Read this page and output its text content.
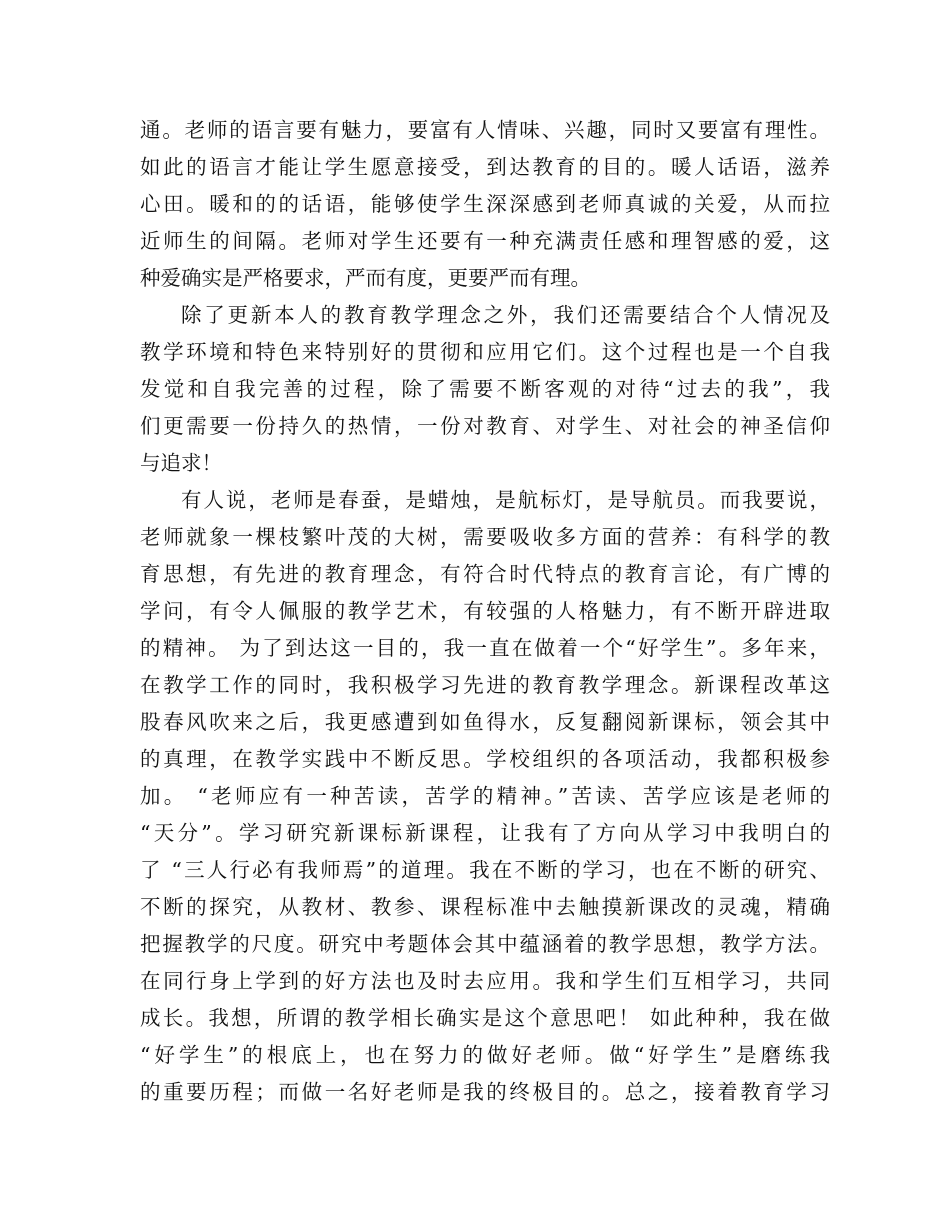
通。老师的语言要有魅力，要富有人情味、兴趣，同时又要富有理性。
如此的语言才能让学生愿意接受，到达教育的目的。暖人话语，滋养
心田。暖和的的话语，能够使学生深深感到老师真诚的关爱，从而拉
近师生的间隔。老师对学生还要有一种充满责任感和理智感的爱，这
种爱确实是严格要求，严而有度，更要严而有理。
除了更新本人的教育教学理念之外，我们还需要结合个人情况及
教学环境和特色来特别好的贯彻和应用它们。这个过程也是一个自我
发觉和自我完善的过程，除了需要不断客观的对待“过去的我”，我
们更需要一份持久的热情，一份对教育、对学生、对社会的神圣信仰
与追求！
有人说，老师是春蚕，是蜡烛，是航标灯，是导航员。而我要说，
老师就象一棵枝繁叶茂的大树，需要吸收多方面的营养：有科学的教
育思想，有先进的教育理念，有符合时代特点的教育言论，有广博的
学问，有令人佩服的教学艺术，有较强的人格魅力，有不断开辟进取
的精神。 为了到达这一目的，我一直在做着一个“好学生”。多年来，
在教学工作的同时，我积极学习先进的教育教学理念。新课程改革这
股春风吹来之后，我更感遭到如鱼得水，反复翻阅新课标，领会其中
的真理，在教学实践中不断反思。学校组织的各项活动，我都积极参
加。 “老师应有一种苦读，苦学的精神。”苦读、苦学应该是老师的
“天分”。学习研究新课标新课程，让我有了方向从学习中我明白的
了 “三人行必有我师焉”的道理。我在不断的学习，也在不断的研究、
不断的探究，从教材、教参、课程标准中去触摸新课改的灵魂，精确
把握教学的尺度。研究中考题体会其中蕴涵着的教学思想，教学方法。
在同行身上学到的好方法也及时去应用。我和学生们互相学习，共同
成长。我想，所谓的教学相长确实是这个意思吧！ 如此种种，我在做
“好学生”的根底上，也在努力的做好老师。做“好学生”是磨练我
的重要历程；而做一名好老师是我的终极目的。总之，接着教育学习
